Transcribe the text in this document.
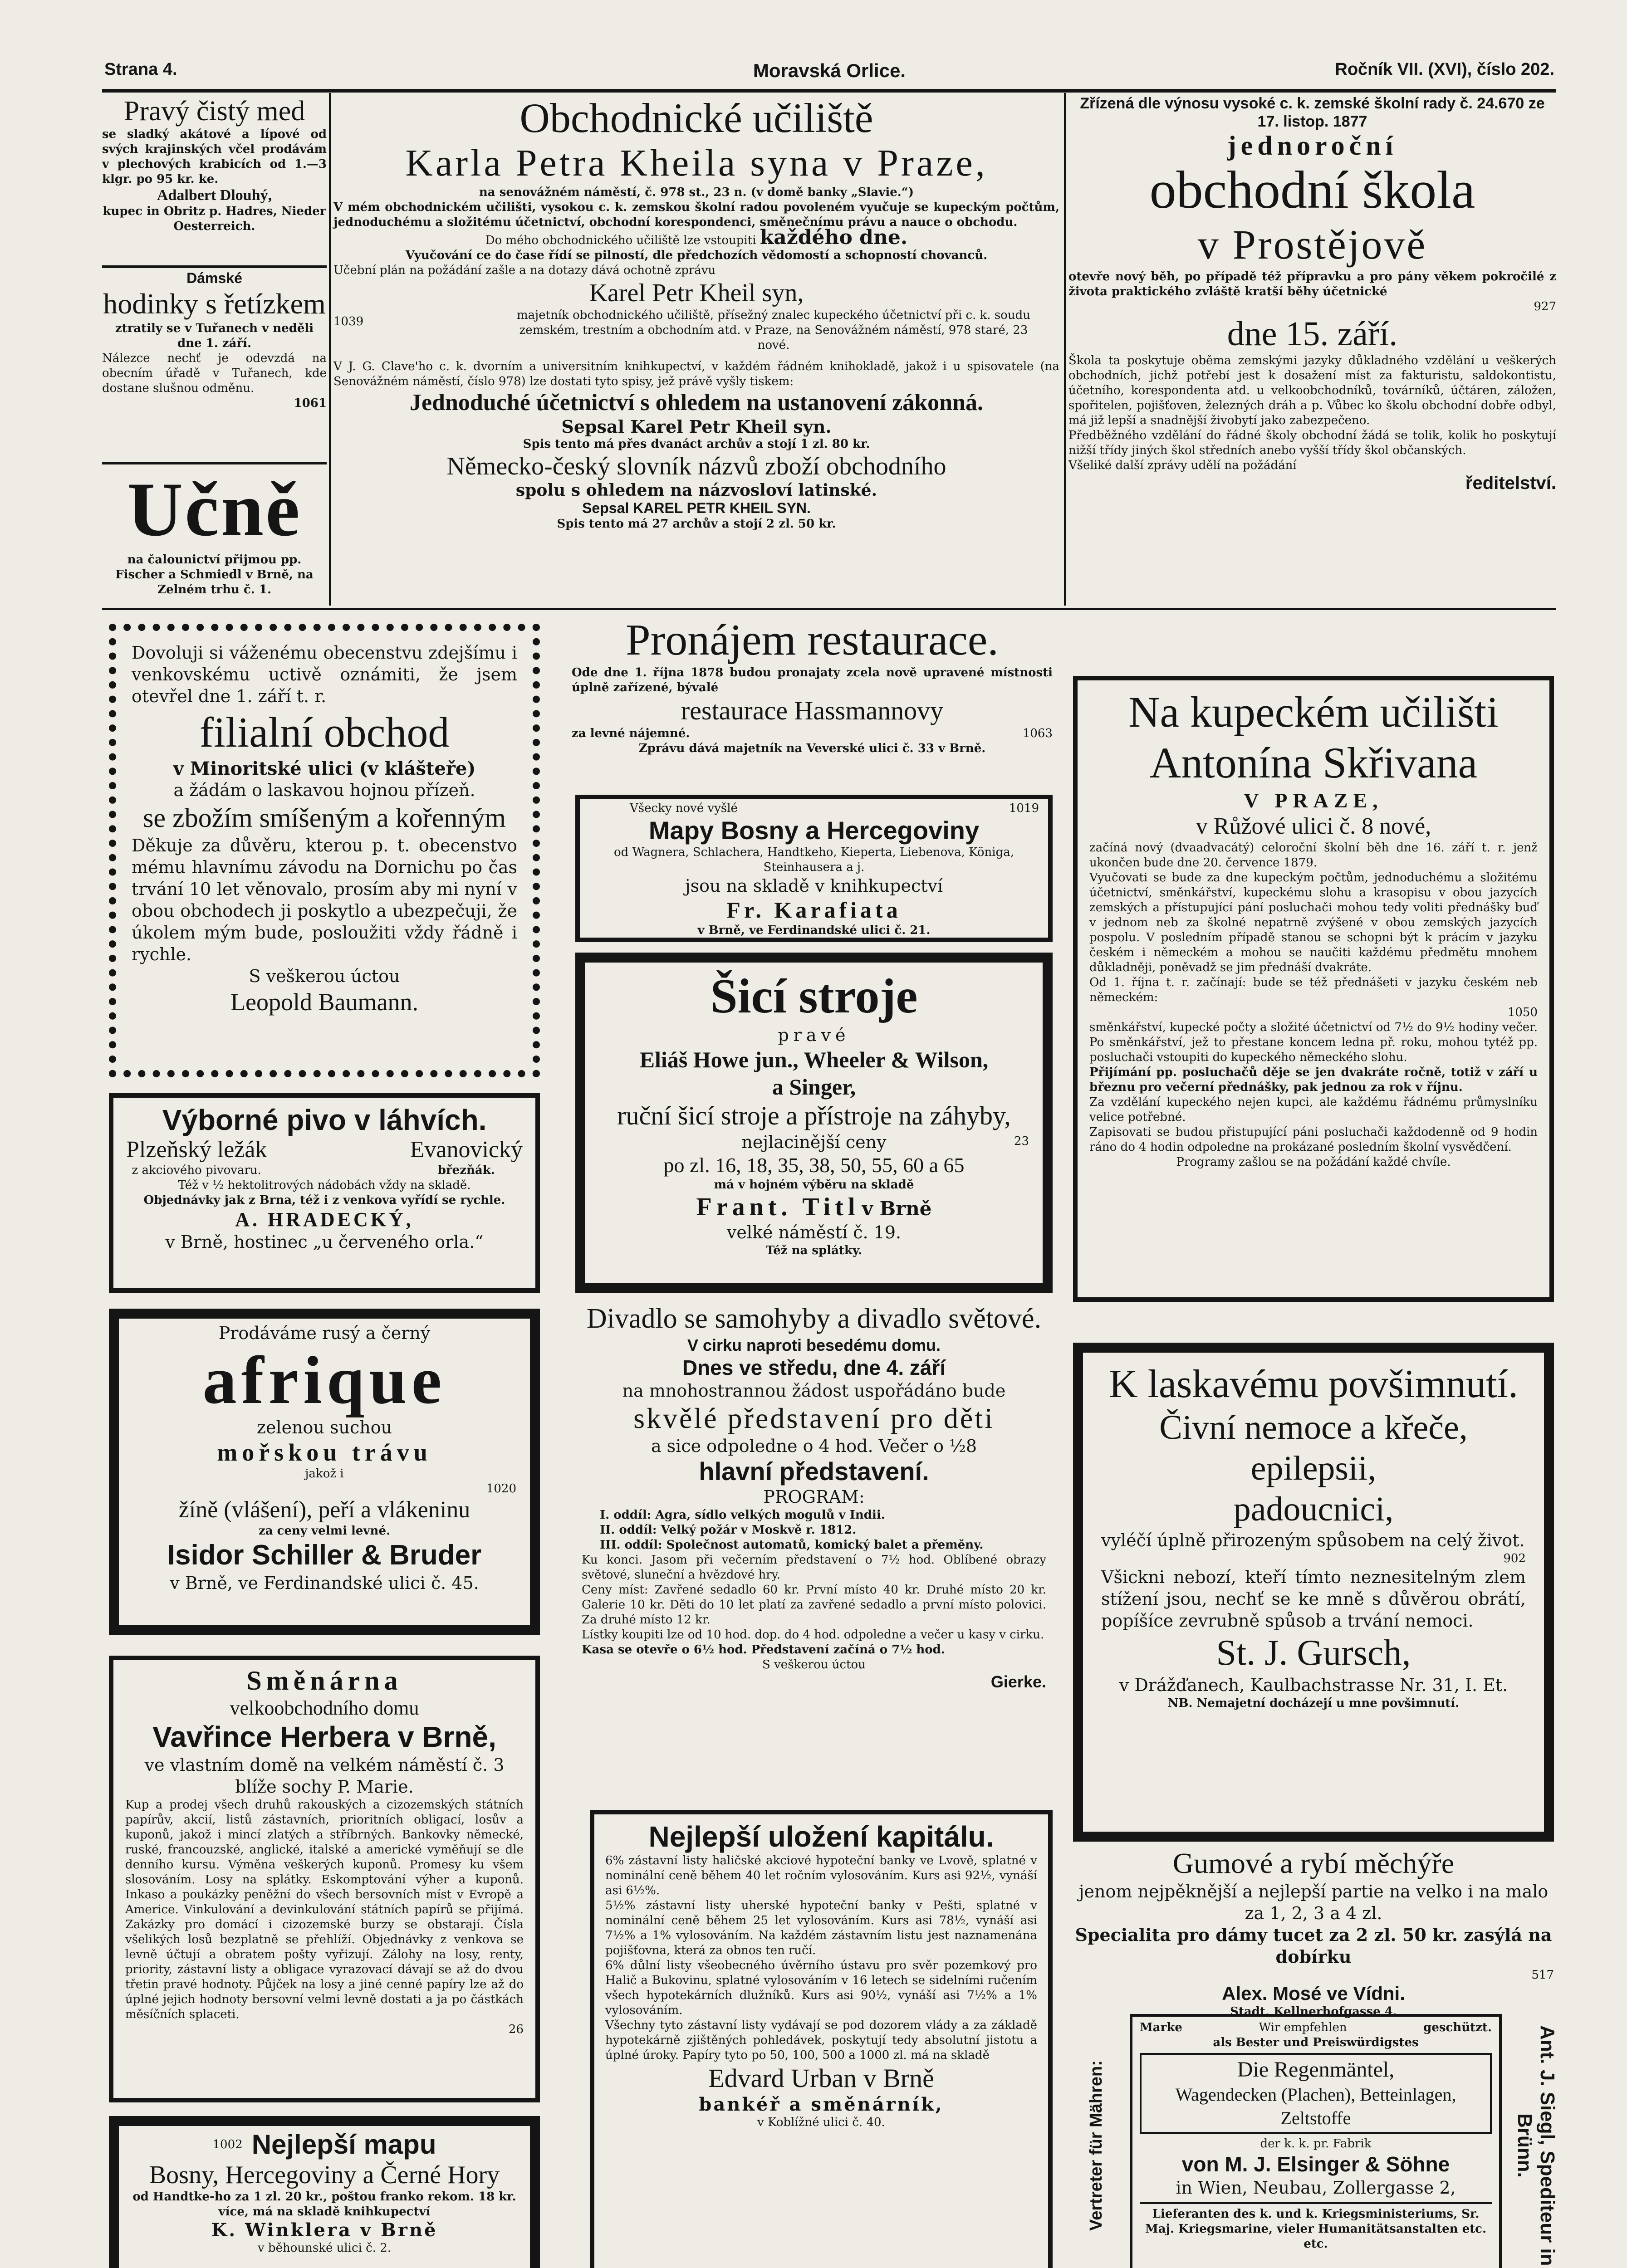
Strana 4.	Moravská Orlice.	Ročník VII. (XVI), číslo 202.

Pravý čistý med

se sladký akátové a lípové od svých krajinských včel prodávám v plechových krabicích od 1.—3 klgr. po 95 kr. ke.

Adalbert Dlouhý,

kupec in Obritz p. Hadres, Nieder Oesterreich.

Dámské

hodinky s řetízkem

ztratily se v Tuřanech v neděli dne 1. září.

Nálezce nechť je odevzdá na obecním úřadě v Tuřanech, kde dostane slušnou odměnu.

1061

Učně

na čalounictví přijmou pp. Fischer a Schmiedl v Brně, na Zelném trhu č. 1.

Obchodnické učiliště

Karla Petra Kheila syna v Praze,

na senovážném náměstí, č. 978 st., 23 n. (v domě banky „Slavie.“)

V mém obchodnickém učilišti, vysokou c. k. zemskou školní radou povoleném vyučuje se kupeckým počtům, jednoduchému a složitému účetnictví, obchodní korespondenci, směnečnímu právu a nauce o obchodu.

Do mého obchodnického učiliště lze vstoupiti každého dne.

Vyučování ce do čase řídí se pilností, dle předchozích vědomostí a schopností chovanců.

Učební plán na požádání zašle a na dotazy dává ochotně zprávu

1039

Karel Petr Kheil syn,

majetník obchodnického učiliště, přísežný znalec kupeckého účetnictví při c. k. soudu zemském, trestním a obchodním atd. v Praze, na Senovážném náměstí, 978 staré, 23 nové.

V J. G. Clave'ho c. k. dvorním a universitním knihkupectví, v každém řádném knihokladě, jakož i u spisovatele (na Senovážném náměstí, číslo 978) lze dostati tyto spisy, jež právě vyšly tiskem:

Jednoduché účetnictví s ohledem na ustanovení zákonná.

Sepsal Karel Petr Kheil syn.

Spis tento má přes dvanáct archův a stojí 1 zl. 80 kr.

Německo-český slovník názvů zboží obchodního

spolu s ohledem na názvosloví latinské.

Sepsal KAREL PETR KHEIL SYN.

Spis tento má 27 archův a stojí 2 zl. 50 kr.

Zřízená dle výnosu vysoké c. k. zemské školní rady č. 24.670 ze 17. listop. 1877

jednoroční

obchodní škola

v Prostějově

otevře nový běh, po případě též přípravku a pro pány věkem pokročilé z života praktického zvláště kratší běhy účetnické

927

dne 15. září.

Škola ta poskytuje oběma zemskými jazyky důkladného vzdělání u veškerých obchodních, jichž potřebí jest k dosažení míst za fakturistu, saldokontistu, účetního, korespondenta atd. u velkoobchodníků, továrníků, účtáren, záložen, spořitelen, pojišťoven, železných dráh a p. Vůbec ko školu obchodní dobře odbyl, má již lepší a snadnější živobytí jako zabezpečeno.

Předběžného vzdělání do řádné školy obchodní žádá se tolik, kolik ho poskytují nižší třídy jiných škol středních anebo vyšší třídy škol občanských.

Všeliké další zprávy udělí na požádání

ředitelství.

Dovoluji si váženému obecenstvu zdejšímu i venkovskému uctivě oznámiti, že jsem otevřel dne 1. září t. r.

filialní obchod

v Minoritské ulici (v klášteře)

a žádám o laskavou hojnou přízeň.

se zbožím smíšeným a kořenným

Děkuje za důvěru, kterou p. t. obecenstvo mému hlavnímu závodu na Dornichu po čas trvání 10 let věnovalo, prosím aby mi nyní v obou obchodech ji poskytlo a ubezpečuji, že úkolem mým bude, posloužiti vždy řádně i rychle.

S veškerou úctou

Leopold Baumann.

Výborné pivo v láhvích.

Plzeňský ležák

z akciového pivovaru.

Evanovický

březňák.

Též v ½ hektolitrových nádobách vždy na skladě.

Objednávky jak z Brna, též i z venkova vyřídí se rychle.

A. HRADECKÝ,

v Brně, hostinec „u červeného orla.“

Prodáváme rusý a černý

afrique

zelenou suchou

mořskou trávu

jakož i

1020

žíně (vlášení), peří a vlákeninu

za ceny velmi levné.

Isidor Schiller & Bruder

v Brně, ve Ferdinandské ulici č. 45.

Směnárna

velkoobchodního domu

Vavřince Herbera v Brně,

ve vlastním domě na velkém náměstí č. 3 blíže sochy P. Marie.

Kup a prodej všech druhů rakouských a cizozemských státních papírův, akcií, listů zástavních, prioritních obligací, losův a kuponů, jakož i mincí zlatých a stříbrných. Bankovky německé, ruské, francouzské, anglické, italské a americké vyměňují se dle denního kursu. Výměna veškerých kuponů. Promesy ku všem slosováním. Losy na splátky. Eskomptování výher a kuponů. Inkaso a poukázky peněžní do všech bersovních míst v Evropě a Americe. Vinkulování a devinkulování státních papírů se přijímá. Zakázky pro domácí i cizozemské burzy se obstarají. Čísla všelikých losů bezplatně se přehlíží. Objednávky z venkova se levně účtují a obratem pošty vyřizují. Zálohy na losy, renty, priority, zástavní listy a obligace vyrazovací dávají se až do dvou třetin pravé hodnoty. Půjček na losy a jiné cenné papíry lze až do úplné jejich hodnoty bersovní velmi levně dostati a ja po částkách měsíčních splaceti.

26

1002 Nejlepší mapu

Bosny, Hercegoviny a Černé Hory

od Handtke-ho za 1 zl. 20 kr., poštou franko rekom. 18 kr. více, má na skladě knihkupectví

K. Winklera v Brně

v běhounské ulici č. 2.

Pronájem restaurace.

Ode dne 1. října 1878 budou pronajaty zcela nově upravené místnosti úplně zařízené, bývalé

restaurace Hassmannovy

za levné nájemné.	1063

Zprávu dává majetník na Veverské ulici č. 33 v Brně.

Všecky nové vyšlé	1019

Mapy Bosny a Hercegoviny

od Wagnera, Schlachera, Handtkeho, Kieperta, Liebenova, Königa, Steinhausera a j.

jsou na skladě v knihkupectví

Fr. Karafiata

v Brně, ve Ferdinandské ulici č. 21.

Šicí stroje

pravé

Eliáš Howe jun., Wheeler & Wilson,

a Singer,

ruční šicí stroje a přístroje na záhyby,

nejlacinější ceny	23

po zl. 16, 18, 35, 38, 50, 55, 60 a 65

má v hojném výběru na skladě

Frant. Titl v Brně

velké náměstí č. 19.

Též na splátky.

Divadlo se samohyby a divadlo světové.

V cirku naproti besedému domu.

Dnes ve středu, dne 4. září

na mnohostrannou žádost uspořádáno bude

skvělé představení pro děti

a sice odpoledne o 4 hod. Večer o ½8

hlavní představení.

PROGRAM:

I. oddíl: Agra, sídlo velkých mogulů v Indii.

II. oddíl: Velký požár v Moskvě r. 1812.

III. oddíl: Společnost automatů, komický balet a přeměny.

Ku konci. Jasom při večerním představení o 7½ hod. Oblíbené obrazy světové, sluneční a hvězdové hry.

Ceny míst: Zavřené sedadlo 60 kr. První místo 40 kr. Druhé místo 20 kr. Galerie 10 kr. Děti do 10 let platí za zavřené sedadlo a první místo polovici. Za druhé místo 12 kr.

Lístky koupiti lze od 10 hod. dop. do 4 hod. odpoledne a večer u kasy v cirku.

Kasa se otevře o 6½ hod. Představení začíná o 7½ hod.

S veškerou úctou

Gierke.

Nejlepší uložení kapitálu.

6% zástavní listy haličské akciové hypoteční banky ve Lvově, splatné v nominální ceně během 40 let ročním vylosováním. Kurs asi 92½, vynáší asi 6½%.

5½% zástavní listy uherské hypoteční banky v Pešti, splatné v nominální ceně během 25 let vylosováním. Kurs asi 78½, vynáší asi 7½% a 1% vylosováním. Na každém zástavním listu jest naznamenána pojišťovna, která za obnos ten ručí.

6% důlní listy všeobecného úvěrního ústavu pro svěr pozemkový pro Halič a Bukovinu, splatné vylosováním v 16 letech se sidelními ručením všech hypotekárních dlužníků. Kurs asi 90½, vynáší asi 7½% a 1% vylosováním.

Všechny tyto zástavní listy vydávají se pod dozorem vlády a za základě hypotekárně zjištěných pohledávek, poskytují tedy absolutní jistotu a úplné úroky. Papíry tyto po 50, 100, 500 a 1000 zl. má na skladě

Edvard Urban v Brně

bankéř a směnárník,

v Koblížné ulici č. 40.

Na kupeckém učilišti

Antonína Skřivana

V PRAZE,

v Růžové ulici č. 8 nové,

začíná nový (dvaadvacátý) celoroční školní běh dne 16. září t. r. jenž ukončen bude dne 20. července 1879.

Vyučovati se bude za dne kupeckým počtům, jednoduchému a složitému účetnictví, směnkářství, kupeckému slohu a krasopisu v obou jazycích zemských a přístupující pání posluchači mohou tedy voliti přednášky buď v jednom neb za školné nepatrně zvýšené v obou zemských jazycích pospolu. V posledním případě stanou se schopni být k prácím v jazyku českém i německém a mohou se naučiti každému předmětu mnohem důkladněji, poněvadž se jim přednáší dvakráte.

Od 1. října t. r. začínají: bude se též přednášeti v jazyku českém neb německém:

1050

směnkářství, kupecké počty a složité účetnictví od 7½ do 9½ hodiny večer. Po směnkářství, jež to přestane koncem ledna př. roku, mohou tytéž pp. posluchači vstoupiti do kupeckého německého slohu.

Přijímání pp. posluchačů děje se jen dvakráte ročně, totiž v září u březnu pro večerní přednášky, pak jednou za rok v říjnu.

Za vzdělání kupeckého nejen kupci, ale každému řádnému průmyslníku velice potřebné.

Zapisovati se budou přistupující páni posluchači každodenně od 9 hodin ráno do 4 hodin odpoledne na prokázané posledním školní vysvědčení.

Programy zašlou se na požádání každé chvíle.

K laskavému povšimnutí.

Čivní nemoce a křeče,

epilepsii,

padoucnici,

vyléčí úplně přirozeným spůsobem na celý život.

902

Všickni nebozí, kteří tímto neznesitelným zlem stížení jsou, nechť se ke mně s důvěrou obrátí, popíšíce zevrubně spůsob a trvání nemoci.

St. J. Gursch,

v Drážďanech, Kaulbachstrasse Nr. 31, I. Et.

NB. Nemajetní docházejí u mne povšimnutí.

Gumové a rybí měchýře

jenom nejpěknější a nejlepší partie na velko i na malo za 1, 2, 3 a 4 zl.

Specialita pro dámy tucet za 2 zl. 50 kr. zasýlá na dobírku

517

Alex. Mosé ve Vídni.

Stadt, Kellnerhofgasse 4.

Vertreter für Mähren:	Ant. J. Siegl, Spediteur in Brünn.
Marke	Wir empfehlen	geschützt.

als Bester und Preiswürdigstes

Die Regenmäntel,

Wagendecken (Plachen), Betteinlagen, Zeltstoffe

der k. k. pr. Fabrik

von M. J. Elsinger & Söhne

in Wien, Neubau, Zollergasse 2,

Lieferanten des k. und k. Kriegsministeriums, Sr. Maj. Kriegsmarine, vieler Humanitätsanstalten etc. etc.
